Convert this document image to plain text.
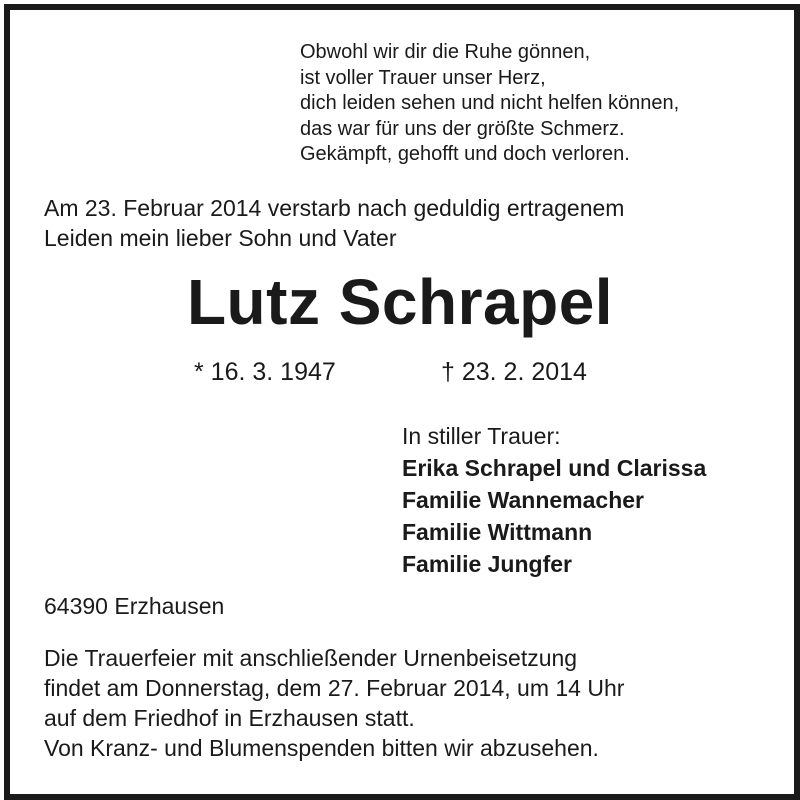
Obwohl wir dir die Ruhe gönnen,
ist voller Trauer unser Herz,
dich leiden sehen und nicht helfen können,
das war für uns der größte Schmerz.
Gekämpft, gehofft und doch verloren.
Am 23. Februar 2014 verstarb nach geduldig ertragenem
Leiden mein lieber Sohn und Vater
Lutz Schrapel
* 16. 3. 1947	† 23. 2. 2014
In stiller Trauer:
Erika Schrapel und Clarissa
Familie Wannemacher
Familie Wittmann
Familie Jungfer
64390 Erzhausen
Die Trauerfeier mit anschließender Urnenbeisetzung
findet am Donnerstag, dem 27. Februar 2014, um 14 Uhr
auf dem Friedhof in Erzhausen statt.
Von Kranz- und Blumenspenden bitten wir abzusehen.
